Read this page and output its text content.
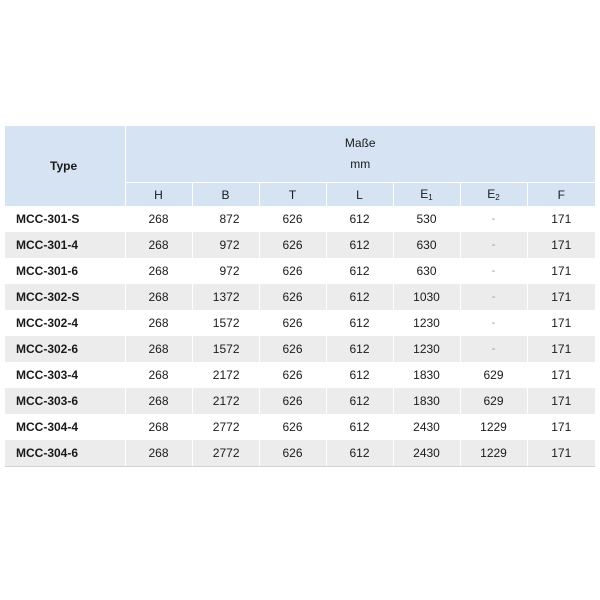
Type	Maße
mm						

	H	B	T	L	$E_1$	$E_2$	F
MCC-301-S	268	872	626	612	530	-	171
MCC-301-4	268	972	626	612	630	-	171
MCC-301-6	268	972	626	612	630	-	171
MCC-302-S	268	1372	626	612	1030	-	171
MCC-302-4	268	1572	626	612	1230	-	171
MCC-302-6	268	1572	626	612	1230	-	171
MCC-303-4	268	2172	626	612	1830	629	171
MCC-303-6	268	2172	626	612	1830	629	171
MCC-304-4	268	2772	626	612	2430	1229	171
MCC-304-6	268	2772	626	612	2430	1229	171
